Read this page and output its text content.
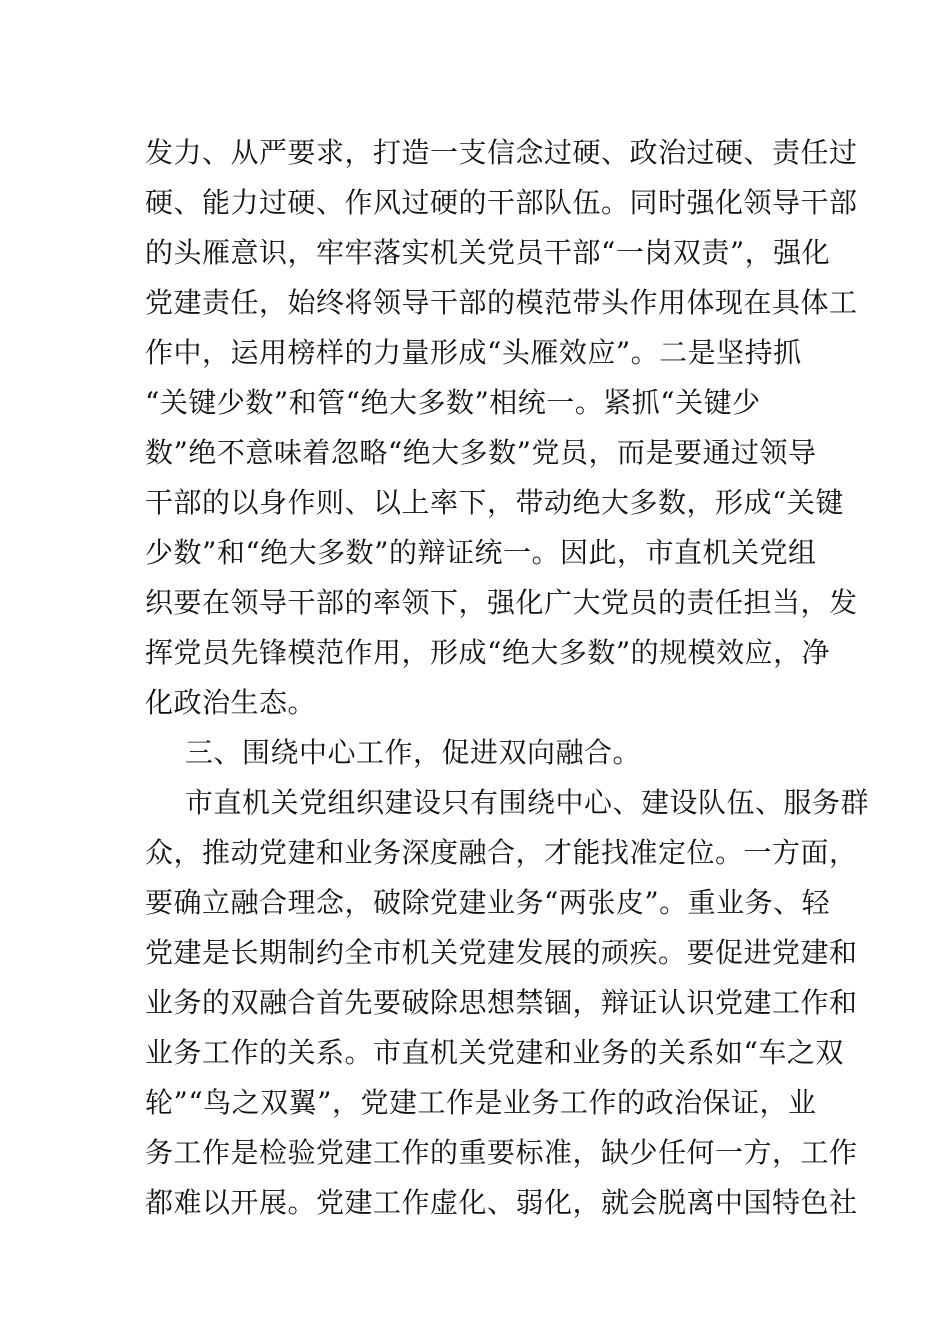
发力、从严要求，打造一支信念过硬、政治过硬、责任过
硬、能力过硬、作风过硬的干部队伍。同时强化领导干部
的头雁意识，牢牢落实机关党员干部“一岗双责”，强化
党建责任，始终将领导干部的模范带头作用体现在具体工
作中，运用榜样的力量形成“头雁效应”。二是坚持抓
“关键少数”和管“绝大多数”相统一。紧抓“关键少
数”绝不意味着忽略“绝大多数”党员，而是要通过领导
干部的以身作则、以上率下，带动绝大多数，形成“关键
少数”和“绝大多数”的辩证统一。因此，市直机关党组
织要在领导干部的率领下，强化广大党员的责任担当，发
挥党员先锋模范作用，形成“绝大多数”的规模效应，净
化政治生态。
三、围绕中心工作，促进双向融合。
市直机关党组织建设只有围绕中心、建设队伍、服务群
众，推动党建和业务深度融合，才能找准定位。一方面，
要确立融合理念，破除党建业务“两张皮”。重业务、轻
党建是长期制约全市机关党建发展的顽疾。要促进党建和
业务的双融合首先要破除思想禁锢，辩证认识党建工作和
业务工作的关系。市直机关党建和业务的关系如“车之双
轮”“鸟之双翼”，党建工作是业务工作的政治保证，业
务工作是检验党建工作的重要标准，缺少任何一方，工作
都难以开展。党建工作虚化、弱化，就会脱离中国特色社
